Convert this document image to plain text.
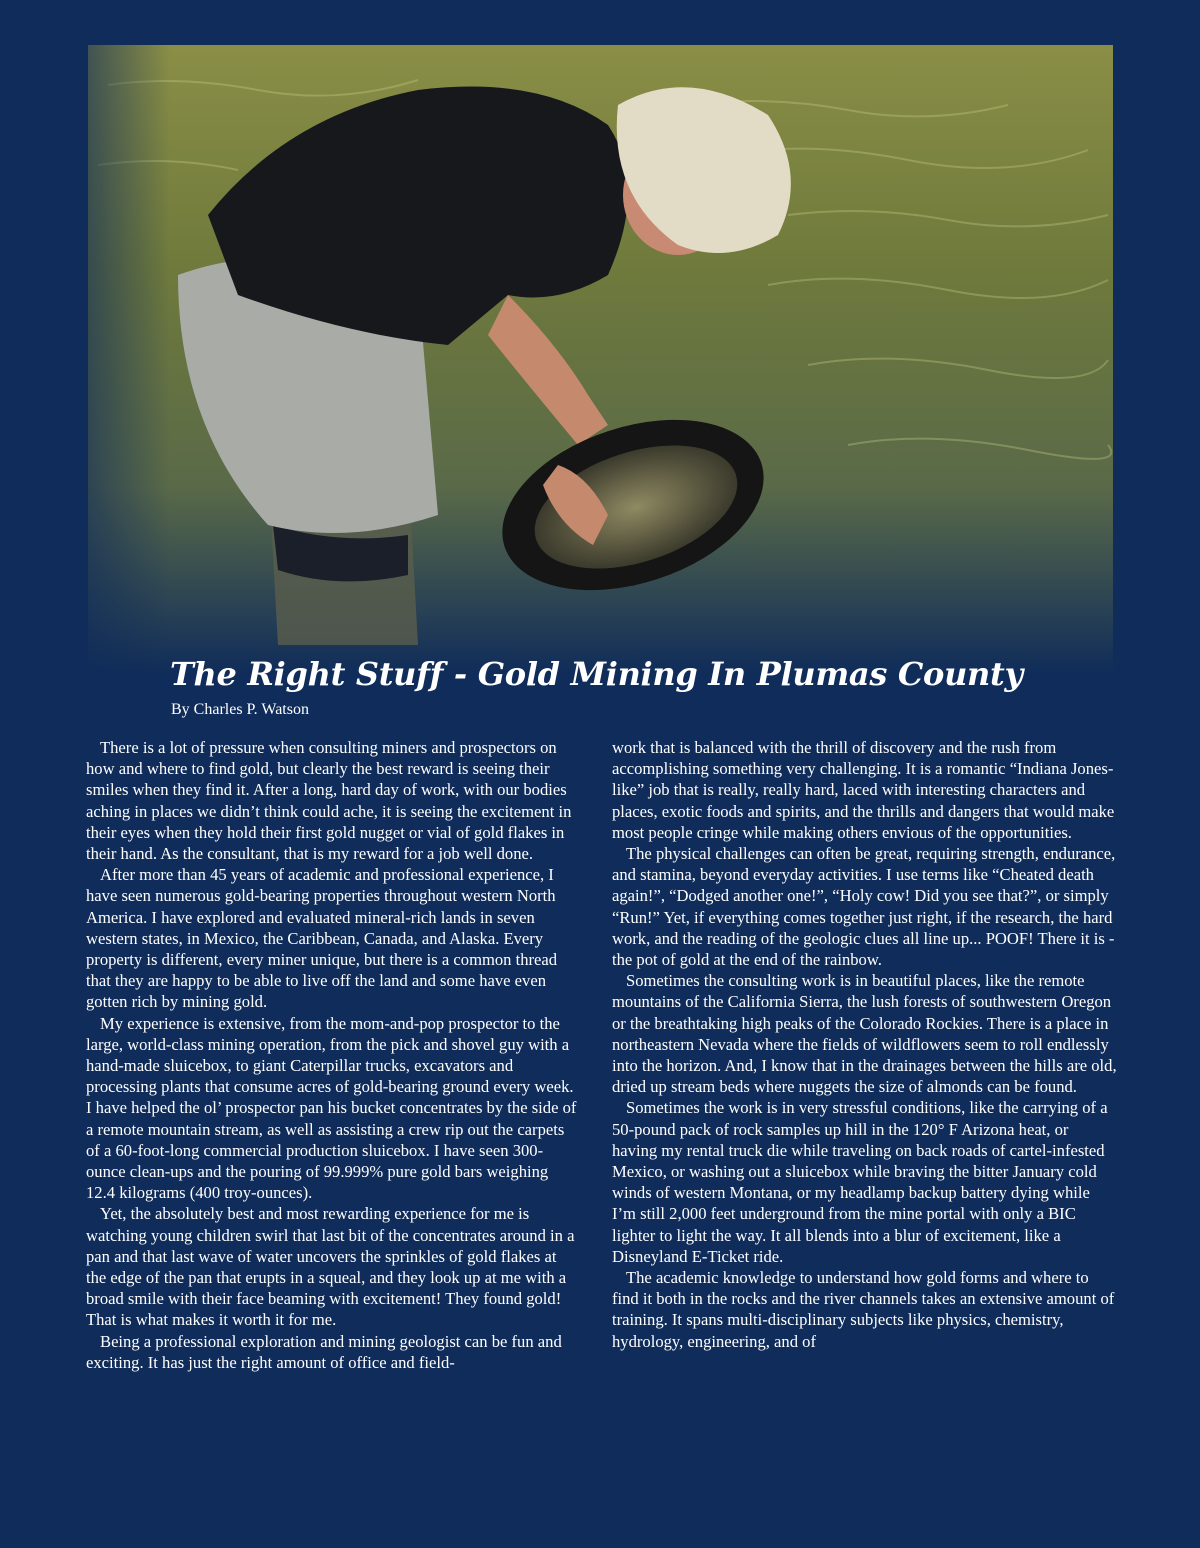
The Right Stuff - Gold Mining In Plumas County
By Charles P. Watson

There is a lot of pressure when consulting miners and prospectors on how and where to find gold, but clearly the best reward is seeing their smiles when they find it. After a long, hard day of work, with our bodies aching in places we didn’t think could ache, it is seeing the excitement in their eyes when they hold their first gold nugget or vial of gold flakes in their hand. As the consultant, that is my reward for a job well done.

After more than 45 years of academic and professional experience, I have seen numerous gold-bearing properties throughout western North America. I have explored and evaluated mineral-rich lands in seven western states, in Mexico, the Caribbean, Canada, and Alaska. Every property is different, every miner unique, but there is a common thread that they are happy to be able to live off the land and some have even gotten rich by mining gold.

My experience is extensive, from the mom-and-pop prospector to the large, world-class mining operation, from the pick and shovel guy with a hand-made sluicebox, to giant Caterpillar trucks, excavators and processing plants that consume acres of gold-bearing ground every week. I have helped the ol’ prospector pan his bucket concentrates by the side of a remote mountain stream, as well as assisting a crew rip out the carpets of a 60-foot-long commercial production sluicebox. I have seen 300-ounce clean-ups and the pouring of 99.999% pure gold bars weighing 12.4 kilograms (400 troy-ounces).

Yet, the absolutely best and most rewarding experience for me is watching young children swirl that last bit of the concentrates around in a pan and that last wave of water uncovers the sprinkles of gold flakes at the edge of the pan that erupts in a squeal, and they look up at me with a broad smile with their face beaming with excitement! They found gold! That is what makes it worth it for me.

Being a professional exploration and mining geologist can be fun and exciting. It has just the right amount of office and field-

work that is balanced with the thrill of discovery and the rush from accomplishing something very challenging. It is a romantic “Indiana Jones-like” job that is really, really hard, laced with interesting characters and places, exotic foods and spirits, and the thrills and dangers that would make most people cringe while making others envious of the opportunities.

The physical challenges can often be great, requiring strength, endurance, and stamina, beyond everyday activities. I use terms like “Cheated death again!”, “Dodged another one!”, “Holy cow! Did you see that?”, or simply “Run!” Yet, if everything comes together just right, if the research, the hard work, and the reading of the geologic clues all line up... POOF! There it is - the pot of gold at the end of the rainbow.

Sometimes the consulting work is in beautiful places, like the remote mountains of the California Sierra, the lush forests of southwestern Oregon or the breathtaking high peaks of the Colorado Rockies. There is a place in northeastern Nevada where the fields of wildflowers seem to roll endlessly into the horizon. And, I know that in the drainages between the hills are old, dried up stream beds where nuggets the size of almonds can be found.

Sometimes the work is in very stressful conditions, like the carrying of a 50-pound pack of rock samples up hill in the 120° F Arizona heat, or having my rental truck die while traveling on back roads of cartel-infested Mexico, or washing out a sluicebox while braving the bitter January cold winds of western Montana, or my headlamp backup battery dying while I’m still 2,000 feet underground from the mine portal with only a BIC lighter to light the way. It all blends into a blur of excitement, like a Disneyland E-Ticket ride.

The academic knowledge to understand how gold forms and where to find it both in the rocks and the river channels takes an extensive amount of training. It spans multi-disciplinary subjects like physics, chemistry, hydrology, engineering, and of
